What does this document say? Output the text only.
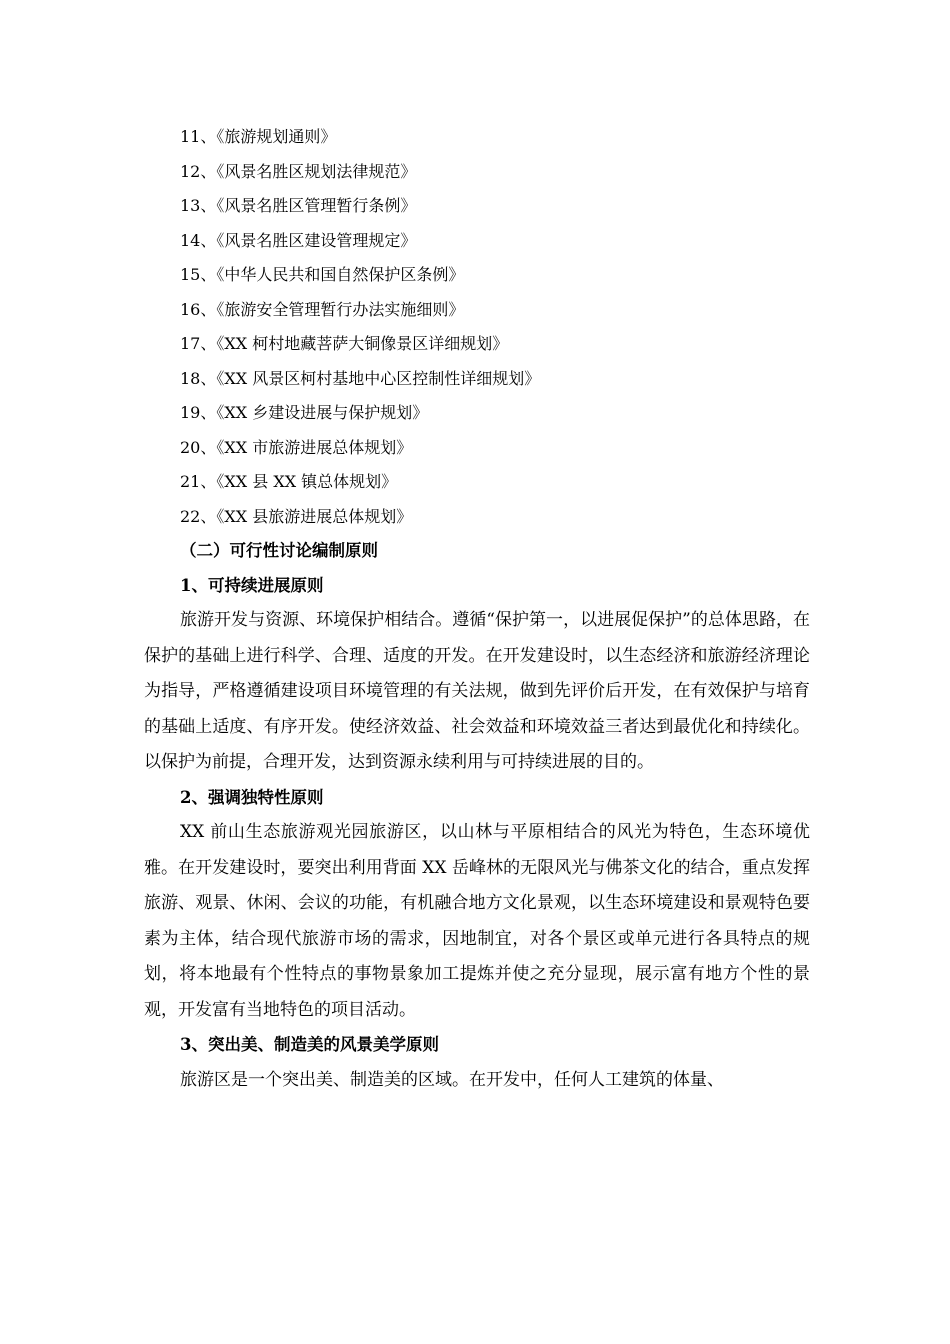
11、《旅游规划通则》
12、《风景名胜区规划法律规范》
13、《风景名胜区管理暂行条例》
14、《风景名胜区建设管理规定》
15、《中华人民共和国自然保护区条例》
16、《旅游安全管理暂行办法实施细则》
17、《XX 柯村地藏菩萨大铜像景区详细规划》
18、《XX 风景区柯村基地中心区控制性详细规划》
19、《XX 乡建设进展与保护规划》
20、《XX 市旅游进展总体规划》
21、《XX 县 XX 镇总体规划》
22、《XX 县旅游进展总体规划》
（二）可行性讨论编制原则
1、可持续进展原则

旅游开发与资源、环境保护相结合。遵循“保护第一，以进展促保护”的总体思路，在保护的基础上进行科学、合理、适度的开发。在开发建设时，以生态经济和旅游经济理论为指导，严格遵循建设项目环境管理的有关法规，做到先评价后开发，在有效保护与培育的基础上适度、有序开发。使经济效益、社会效益和环境效益三者达到最优化和持续化。以保护为前提，合理开发，达到资源永续利用与可持续进展的目的。

2、强调独特性原则

XX 前山生态旅游观光园旅游区，以山林与平原相结合的风光为特色，生态环境优雅。在开发建设时，要突出利用背面 XX 岳峰林的无限风光与佛茶文化的结合，重点发挥旅游、观景、休闲、会议的功能，有机融合地方文化景观，以生态环境建设和景观特色要素为主体，结合现代旅游市场的需求，因地制宜，对各个景区或单元进行各具特点的规划，将本地最有个性特点的事物景象加工提炼并使之充分显现，展示富有地方个性的景观，开发富有当地特色的项目活动。

3、突出美、制造美的风景美学原则

旅游区是一个突出美、制造美的区域。在开发中，任何人工建筑的体量、
